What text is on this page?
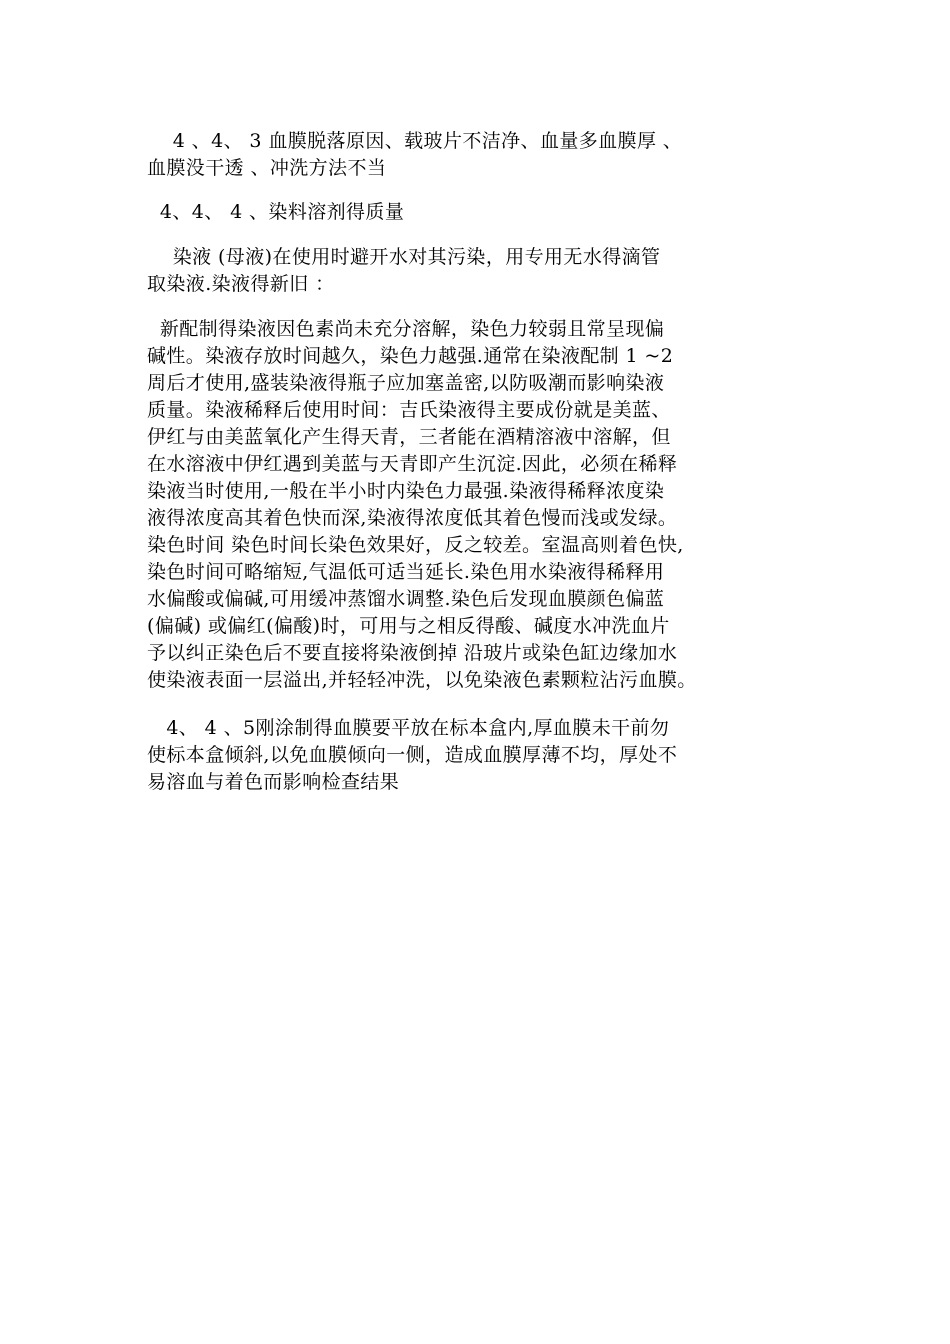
4 、4、 3 血膜脱落原因、载玻片不洁净、血量多血膜厚 、
血膜没干透 、冲洗方法不当
4、4、 4 、染料溶剂得质量
染液 (母液)在使用时避开水对其污染，用专用无水得滴管
取染液.染液得新旧 ：
新配制得染液因色素尚未充分溶解，染色力较弱且常呈现偏
碱性。染液存放时间越久，染色力越强.通常在染液配制 1 ~2
周后才使用,盛装染液得瓶子应加塞盖密,以防吸潮而影响染液
质量。染液稀释后使用时间：吉氏染液得主要成份就是美蓝、
伊红与由美蓝氧化产生得天青，三者能在酒精溶液中溶解，但
在水溶液中伊红遇到美蓝与天青即产生沉淀.因此，必须在稀释
染液当时使用,一般在半小时内染色力最强.染液得稀释浓度染
液得浓度高其着色快而深,染液得浓度低其着色慢而浅或发绿。
染色时间 染色时间长染色效果好，反之较差。室温高则着色快,
染色时间可略缩短,气温低可适当延长.染色用水染液得稀释用
水偏酸或偏碱,可用缓冲蒸馏水调整.染色后发现血膜颜色偏蓝
(偏碱) 或偏红(偏酸)时，可用与之相反得酸、碱度水冲洗血片
予以纠正染色后不要直接将染液倒掉 沿玻片或染色缸边缘加水
使染液表面一层溢出,并轻轻冲洗，以免染液色素颗粒沾污血膜。
4、 4 、5刚涂制得血膜要平放在标本盒内,厚血膜未干前勿
使标本盒倾斜,以免血膜倾向一侧，造成血膜厚薄不均，厚处不
易溶血与着色而影响检查结果
